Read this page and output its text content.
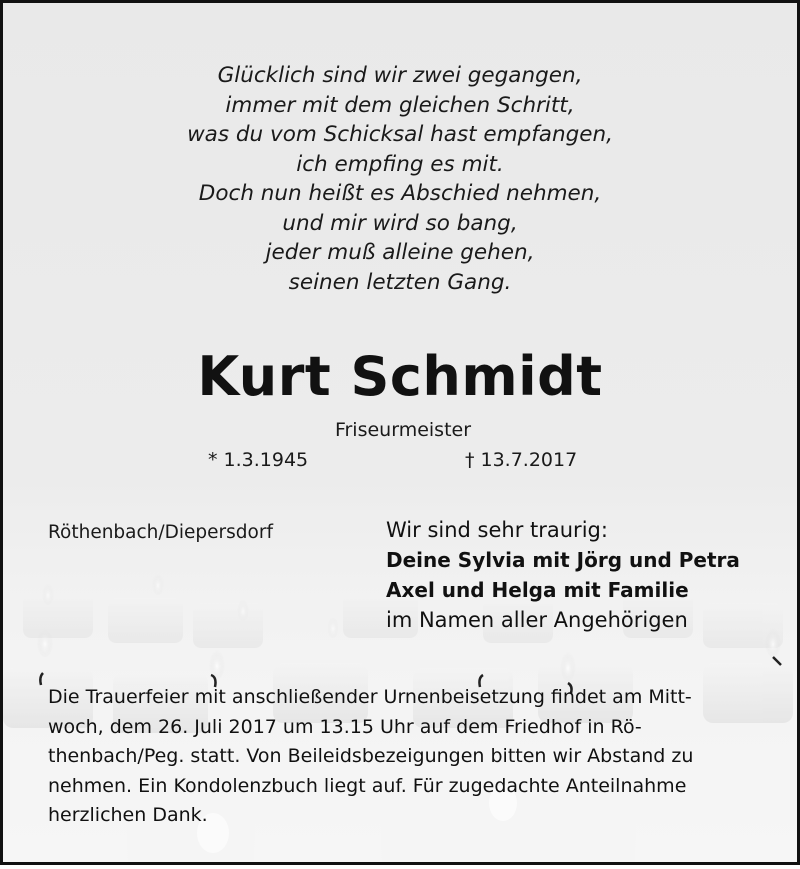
Glücklich sind wir zwei gegangen,
immer mit dem gleichen Schritt,
was du vom Schicksal hast empfangen,
ich empfing es mit.
Doch nun heißt es Abschied nehmen,
und mir wird so bang,
jeder muß alleine gehen,
seinen letzten Gang.
Kurt Schmidt
Friseurmeister
* 1.3.1945	† 13.7.2017
Röthenbach/Diepersdorf	Wir sind sehr traurig:
Deine Sylvia mit Jörg und Petra
Axel und Helga mit Familie
im Namen aller Angehörigen
Die Trauerfeier mit anschließender Urnenbeisetzung findet am Mitt-
woch, dem 26. Juli 2017 um 13.15 Uhr auf dem Friedhof in Rö-
thenbach/Peg. statt. Von Beileidsbezeigungen bitten wir Abstand zu
nehmen. Ein Kondolenzbuch liegt auf. Für zugedachte Anteilnahme
herzlichen Dank.
